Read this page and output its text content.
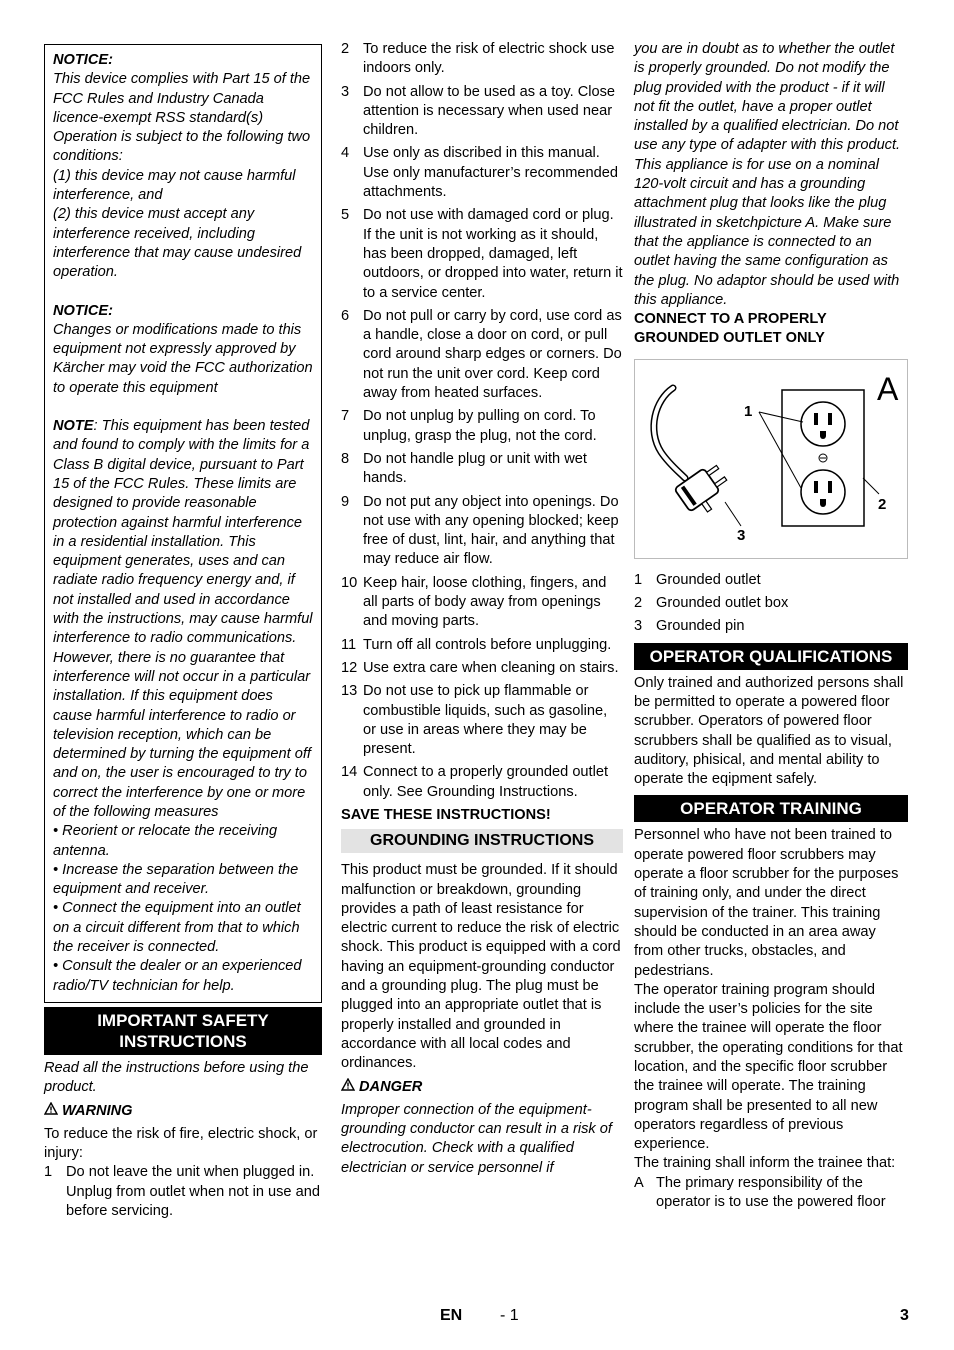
NOTICE:

This device complies with Part 15 of the FCC Rules and Industry Canada licence-exempt RSS standard(s) Operation is subject to the following two conditions:

(1) this device may not cause harmful interference, and

(2) this device must accept any interference received, including interference that may cause undesired operation.

NOTICE:

Changes or modifications made to this equipment not expressly approved by Kärcher may void the FCC authorization to operate this equipment

NOTE: This equipment has been tested and found to comply with the limits for a Class B digital device, pursuant to Part 15 of the FCC Rules. These limits are designed to provide reasonable protection against harmful interference in a residential installation. This equipment generates, uses and can radiate radio frequency energy and, if not installed and used in accordance with the instructions, may cause harmful interference to radio communications. However, there is no guarantee that interference will not occur in a particular installation. If this equipment does cause harmful interference to radio or television reception, which can be determined by turning the equipment off and on, the user is encouraged to try to correct the interference by one or more of the following measures

• Reorient or relocate the receiving antenna.

• Increase the separation between the equipment and receiver.

• Connect the equipment into an outlet on a circuit different from that to which the receiver is connected.

• Consult the dealer or an experienced radio/TV technician for help.

IMPORTANT SAFETY INSTRUCTIONS

Read all the instructions before using the product.

WARNING

To reduce the risk of fire, electric shock, or injury:

1 Do not leave the unit when plugged in. Unplug from outlet when not in use and before servicing.
2 To reduce the risk of electric shock use indoors only.
3 Do not allow to be used as a toy. Close attention is necessary when used near children.
4 Use only as discribed in this manual. Use only manufacturer’s recommended attachments.
5 Do not use with damaged cord or plug. If the unit is not working as it should, has been dropped, damaged, left outdoors, or dropped into water, return it to a service center.
6 Do not pull or carry by cord, use cord as a handle, close a door on cord, or pull cord around sharp edges or corners. Do not run the unit over cord. Keep cord away from heated surfaces.
7 Do not unplug by pulling on cord. To unplug, grasp the plug, not the cord.
8 Do not handle plug or unit with wet hands.
9 Do not put any object into openings. Do not use with any opening blocked; keep free of dust, lint, hair, and anything that may reduce air flow.
10 Keep hair, loose clothing, fingers, and all parts of body away from openings and moving parts.
11 Turn off all controls before unplugging.
12 Use extra care when cleaning on stairs.
13 Do not use to pick up flammable or combustible liquids, such as gasoline, or use in areas where they may be present.
14 Connect to a properly grounded outlet only. See Grounding Instructions.

SAVE THESE INSTRUCTIONS!

GROUNDING INSTRUCTIONS

This product must be grounded. If it should malfunction or breakdown, grounding provides a path of least resistance for electric current to reduce the risk of electric shock. This product is equipped with a cord having an equipment-grounding conductor and a grounding plug. The plug must be plugged into an appropriate outlet that is properly installed and grounded in accordance with all local codes and ordinances.

DANGER

Improper connection of the equipment-grounding conductor can result in a risk of electrocution. Check with a qualified electrician or service personnel if

you are in doubt as to whether the outlet is properly grounded. Do not modify the plug provided with the product - if it will not fit the outlet, have a proper outlet installed by a qualified electrician. Do not use any type of adapter with this product.

This appliance is for use on a nominal 120-volt circuit and has a grounding attachment plug that looks like the plug illustrated in sketchpicture A. Make sure that the appliance is connected to an outlet having the same configuration as the plug. No adaptor should be used with this appliance.

CONNECT TO A PROPERLY GROUNDED OUTLET ONLY

A
1
2
3
1 Grounded outlet
2 Grounded outlet box
3 Grounded pin
OPERATOR QUALIFICATIONS

Only trained and authorized persons shall be permitted to operate a powered floor scrubber. Operators of powered floor scrubbers shall be qualified as to visual, auditory, phisical, and mental ability to operate the eqipment safely.

OPERATOR TRAINING

Personnel who have not been trained to operate powered floor scrubbers may operate a floor scrubber for the purposes of training only, and under the direct supervision of the trainer. This training should be conducted in an area away from other trucks, obstacles, and pedestrians.

The operator training program should include the user’s policies for the site where the trainee will operate the floor scrubber, the operating conditions for that location, and the specific floor scrubber the trainee will operate. The training program shall be presented to all new operators regardless of previous experience.

The training shall inform the trainee that:

A The primary responsibility of the operator is to use the powered floor
EN - 1	3
